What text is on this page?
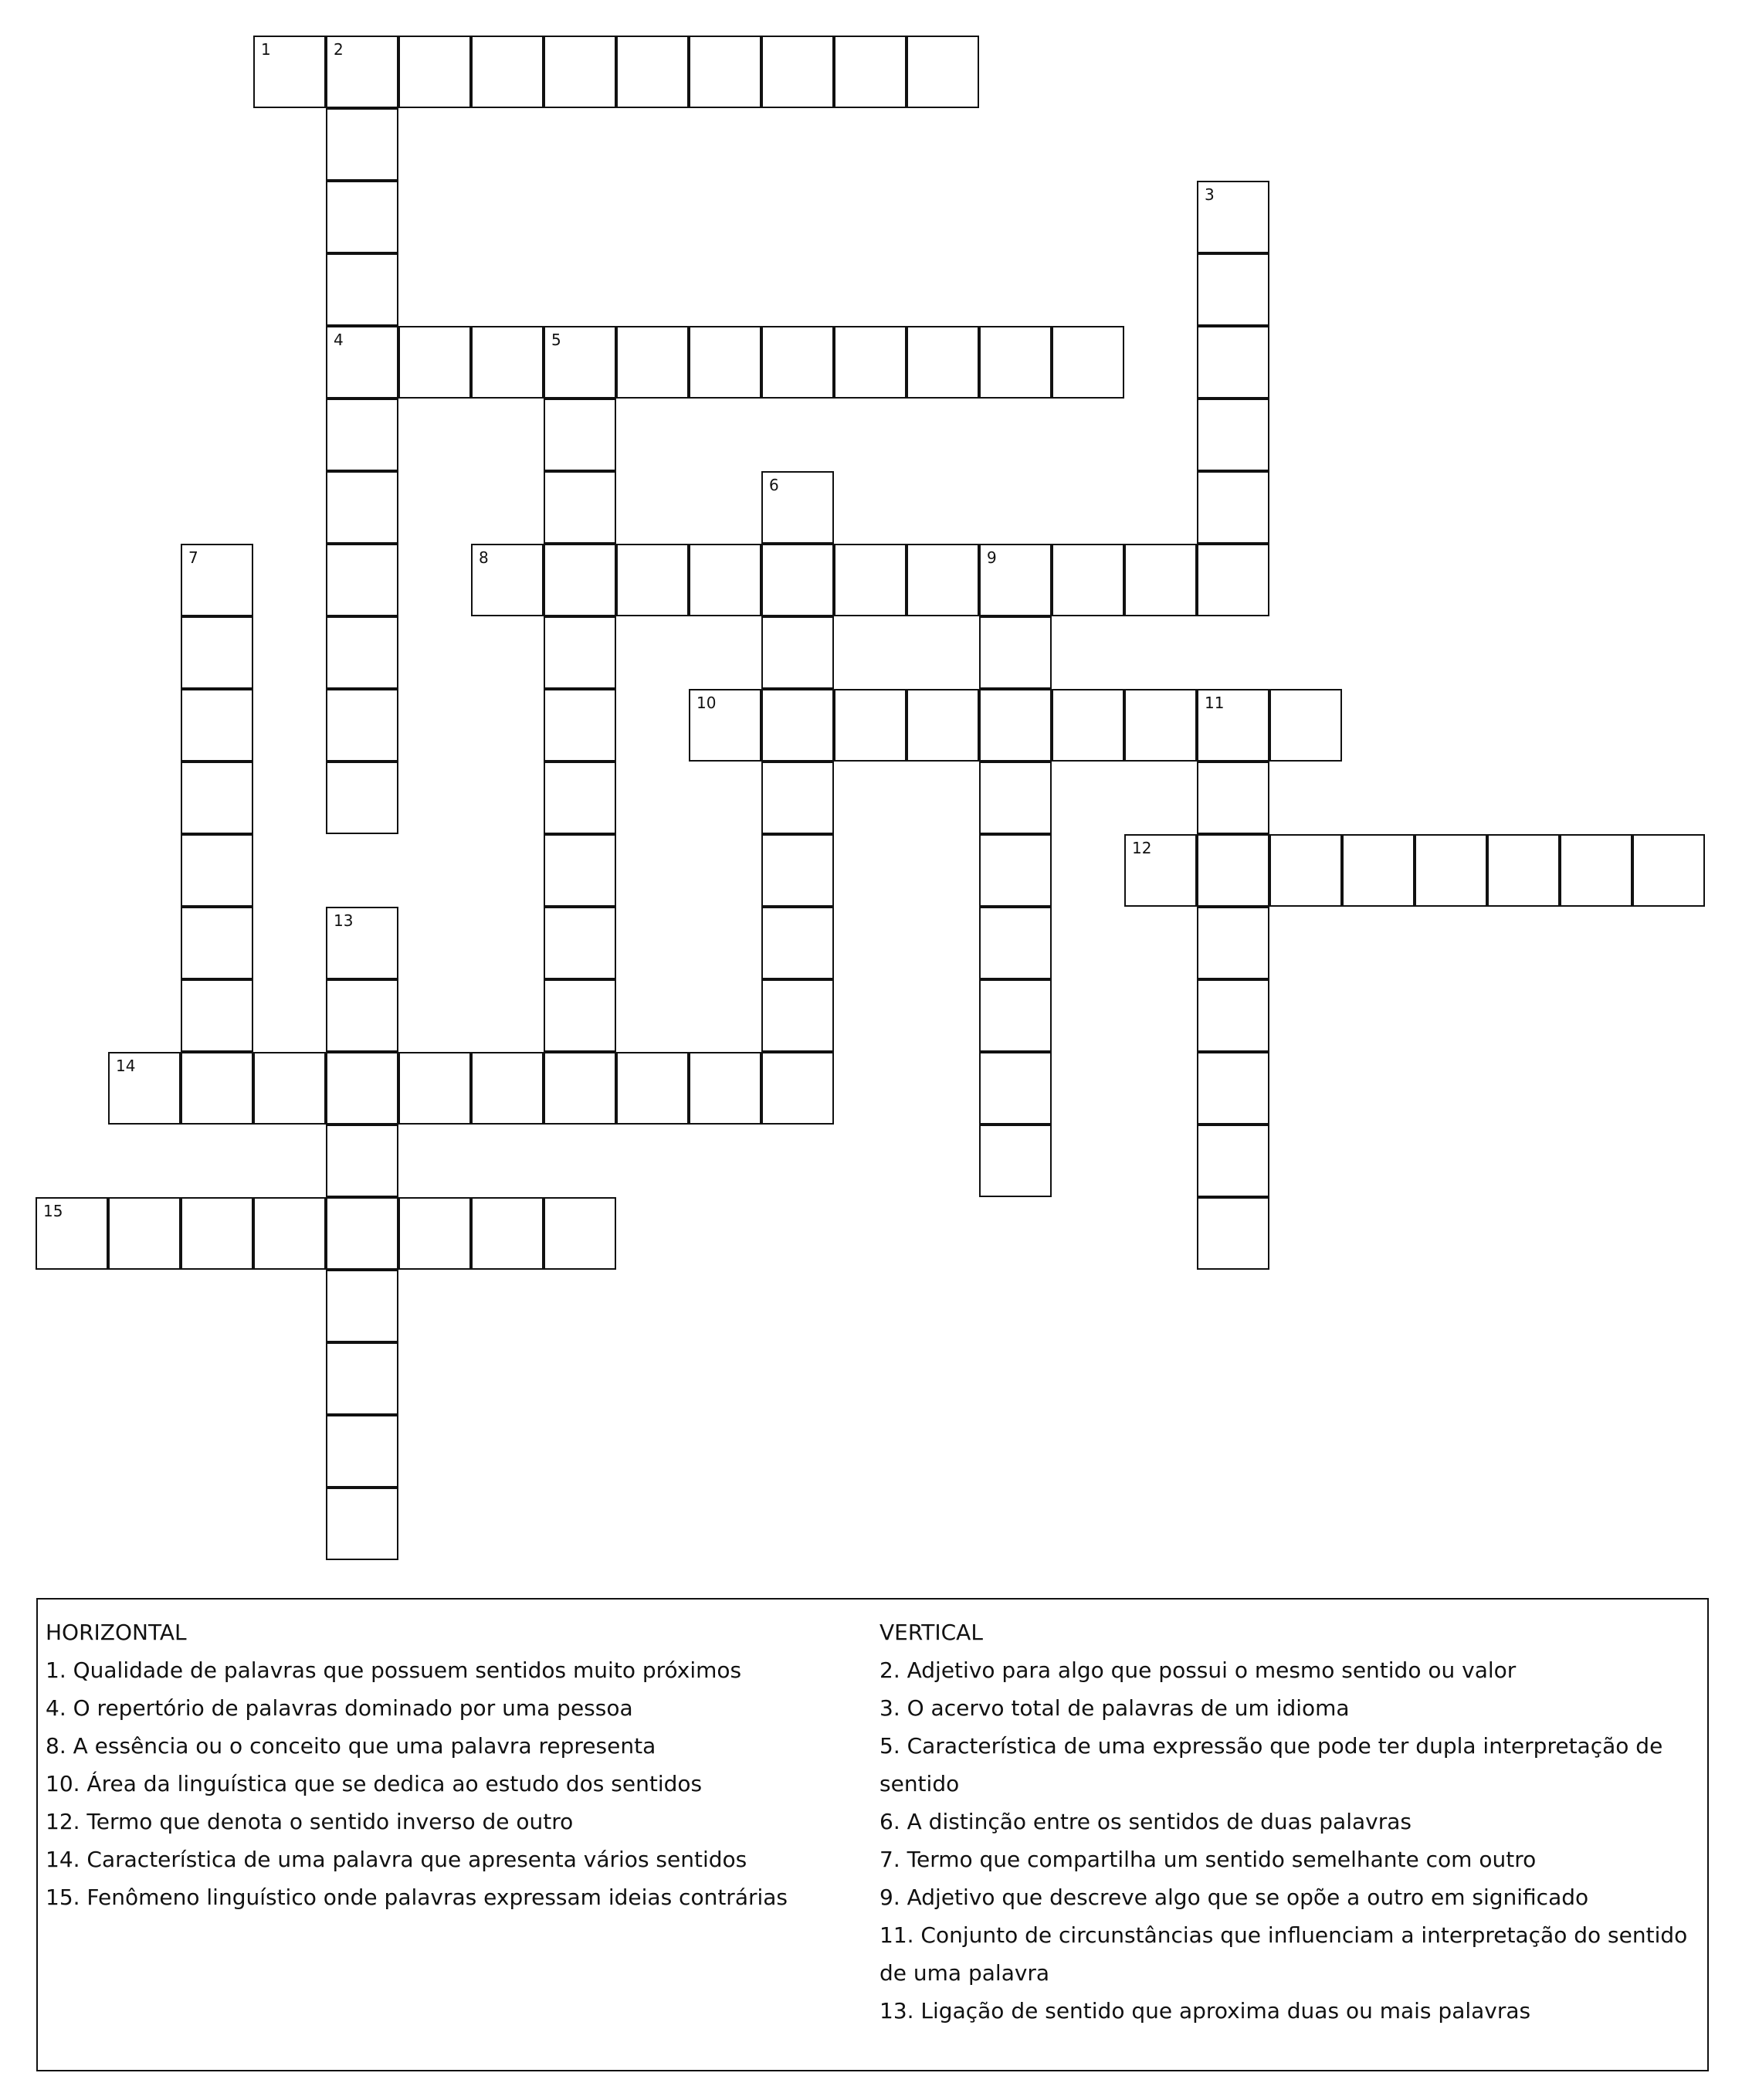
1	2
4
3
5
6
7	8	9
10	11
12
13
14
15

HORIZONTAL

1. Qualidade de palavras que possuem sentidos muito próximos

4. O repertório de palavras dominado por uma pessoa

8. A essência ou o conceito que uma palavra representa

10. Área da linguística que se dedica ao estudo dos sentidos

12. Termo que denota o sentido inverso de outro

14. Característica de uma palavra que apresenta vários sentidos

15. Fenômeno linguístico onde palavras expressam ideias contrárias

VERTICAL

2. Adjetivo para algo que possui o mesmo sentido ou valor

3. O acervo total de palavras de um idioma

5. Característica de uma expressão que pode ter dupla interpretação de sentido

6. A distinção entre os sentidos de duas palavras

7. Termo que compartilha um sentido semelhante com outro

9. Adjetivo que descreve algo que se opõe a outro em significado

11. Conjunto de circunstâncias que influenciam a interpretação do sentido de uma palavra

13. Ligação de sentido que aproxima duas ou mais palavras
